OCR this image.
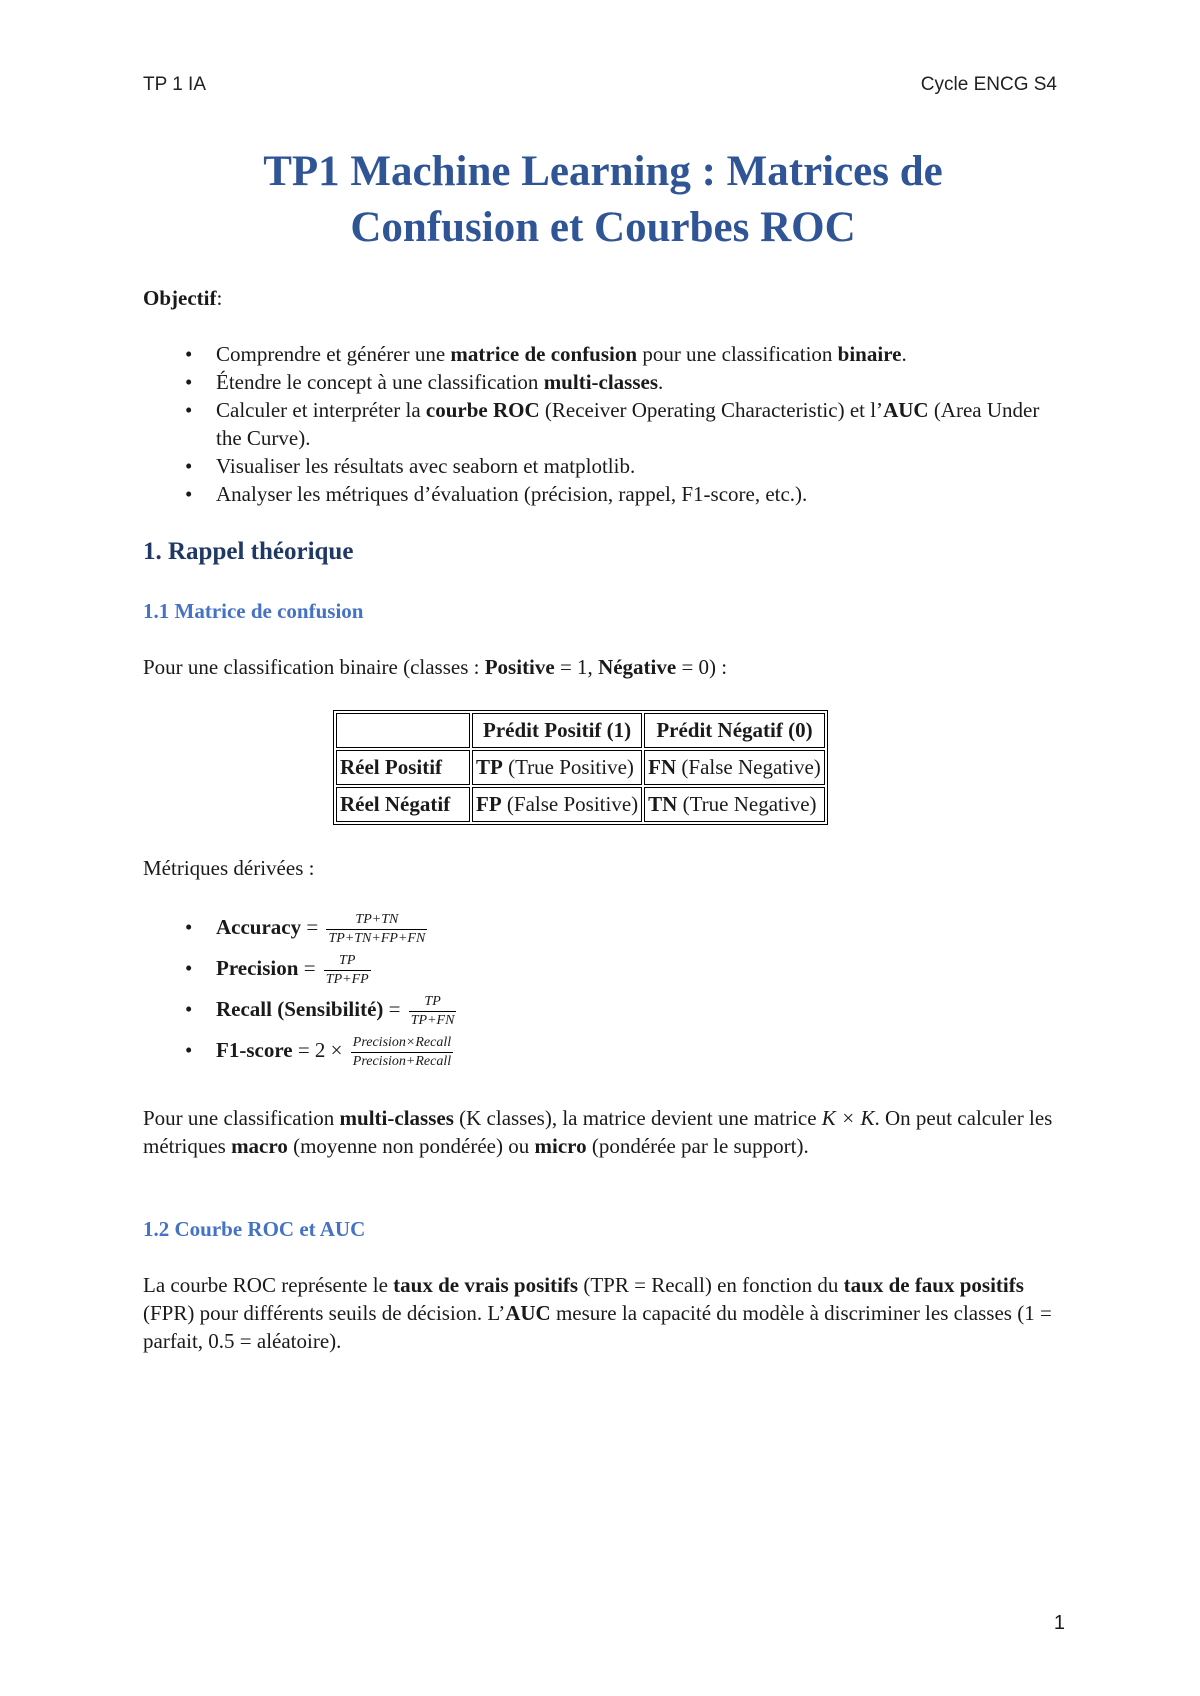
TP 1 IA	Cycle ENCG S4
TP1 Machine Learning : Matrices de
Confusion et Courbes ROC
Objectif:
• Comprendre et générer une matrice de confusion pour une classification binaire.
• Étendre le concept à une classification multi-classes.
• Calculer et interpréter la courbe ROC (Receiver Operating Characteristic) et l’AUC (Area Under the Curve).
• Visualiser les résultats avec seaborn et matplotlib.
• Analyser les métriques d’évaluation (précision, rappel, F1-score, etc.).
1. Rappel théorique
1.1 Matrice de confusion
Pour une classification binaire (classes : Positive = 1, Négative = 0) :
	Prédit Positif (1)	Prédit Négatif (0)
Réel Positif	TP (True Positive)	FN (False Negative)
Réel Négatif	FP (False Positive)	TN (True Negative)
Métriques dérivées :
• Accuracy = $\frac{TP+TN}{TP+TN+FP+FN}$
• Precision = $\frac{TP}{TP+FP}$
• Recall (Sensibilité) = $\frac{TP}{TP+FN}$
• F1-score = $2 \times \frac{\text{Precision×Recall}}{\text{Precision+Recall}}$
Pour une classification multi-classes (K classes), la matrice devient une matrice K × K. On peut calculer les métriques macro (moyenne non pondérée) ou micro (pondérée par le support).
1.2 Courbe ROC et AUC
La courbe ROC représente le taux de vrais positifs (TPR = Recall) en fonction du taux de faux positifs (FPR) pour différents seuils de décision. L’AUC mesure la capacité du modèle à discriminer les classes (1 = parfait, 0.5 = aléatoire).
1
